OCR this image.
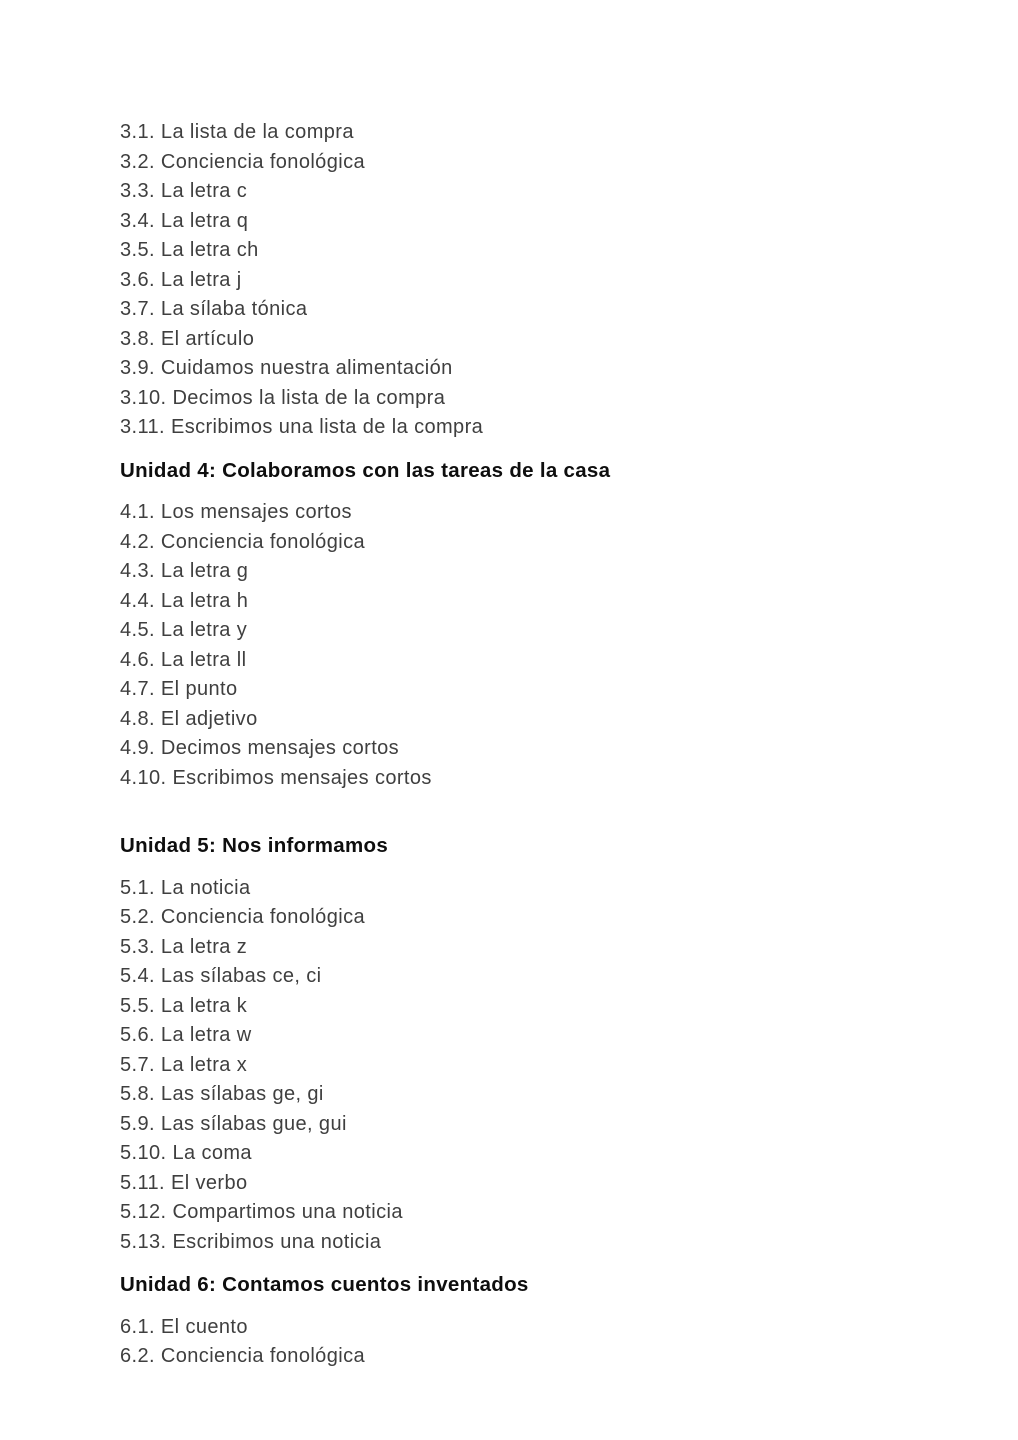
3.1. La lista de la compra
3.2. Conciencia fonológica
3.3. La letra c
3.4. La letra q
3.5. La letra ch
3.6. La letra j
3.7. La sílaba tónica
3.8. El artículo
3.9. Cuidamos nuestra alimentación
3.10. Decimos la lista de la compra
3.11. Escribimos una lista de la compra
Unidad 4: Colaboramos con las tareas de la casa
4.1. Los mensajes cortos
4.2. Conciencia fonológica
4.3. La letra g
4.4. La letra h
4.5. La letra y
4.6. La letra ll
4.7. El punto
4.8. El adjetivo
4.9. Decimos mensajes cortos
4.10. Escribimos mensajes cortos
Unidad 5: Nos informamos
5.1. La noticia
5.2. Conciencia fonológica
5.3. La letra z
5.4. Las sílabas ce, ci
5.5. La letra k
5.6. La letra w
5.7. La letra x
5.8. Las sílabas ge, gi
5.9. Las sílabas gue, gui
5.10. La coma
5.11. El verbo
5.12. Compartimos una noticia
5.13. Escribimos una noticia
Unidad 6: Contamos cuentos inventados
6.1. El cuento
6.2. Conciencia fonológica
